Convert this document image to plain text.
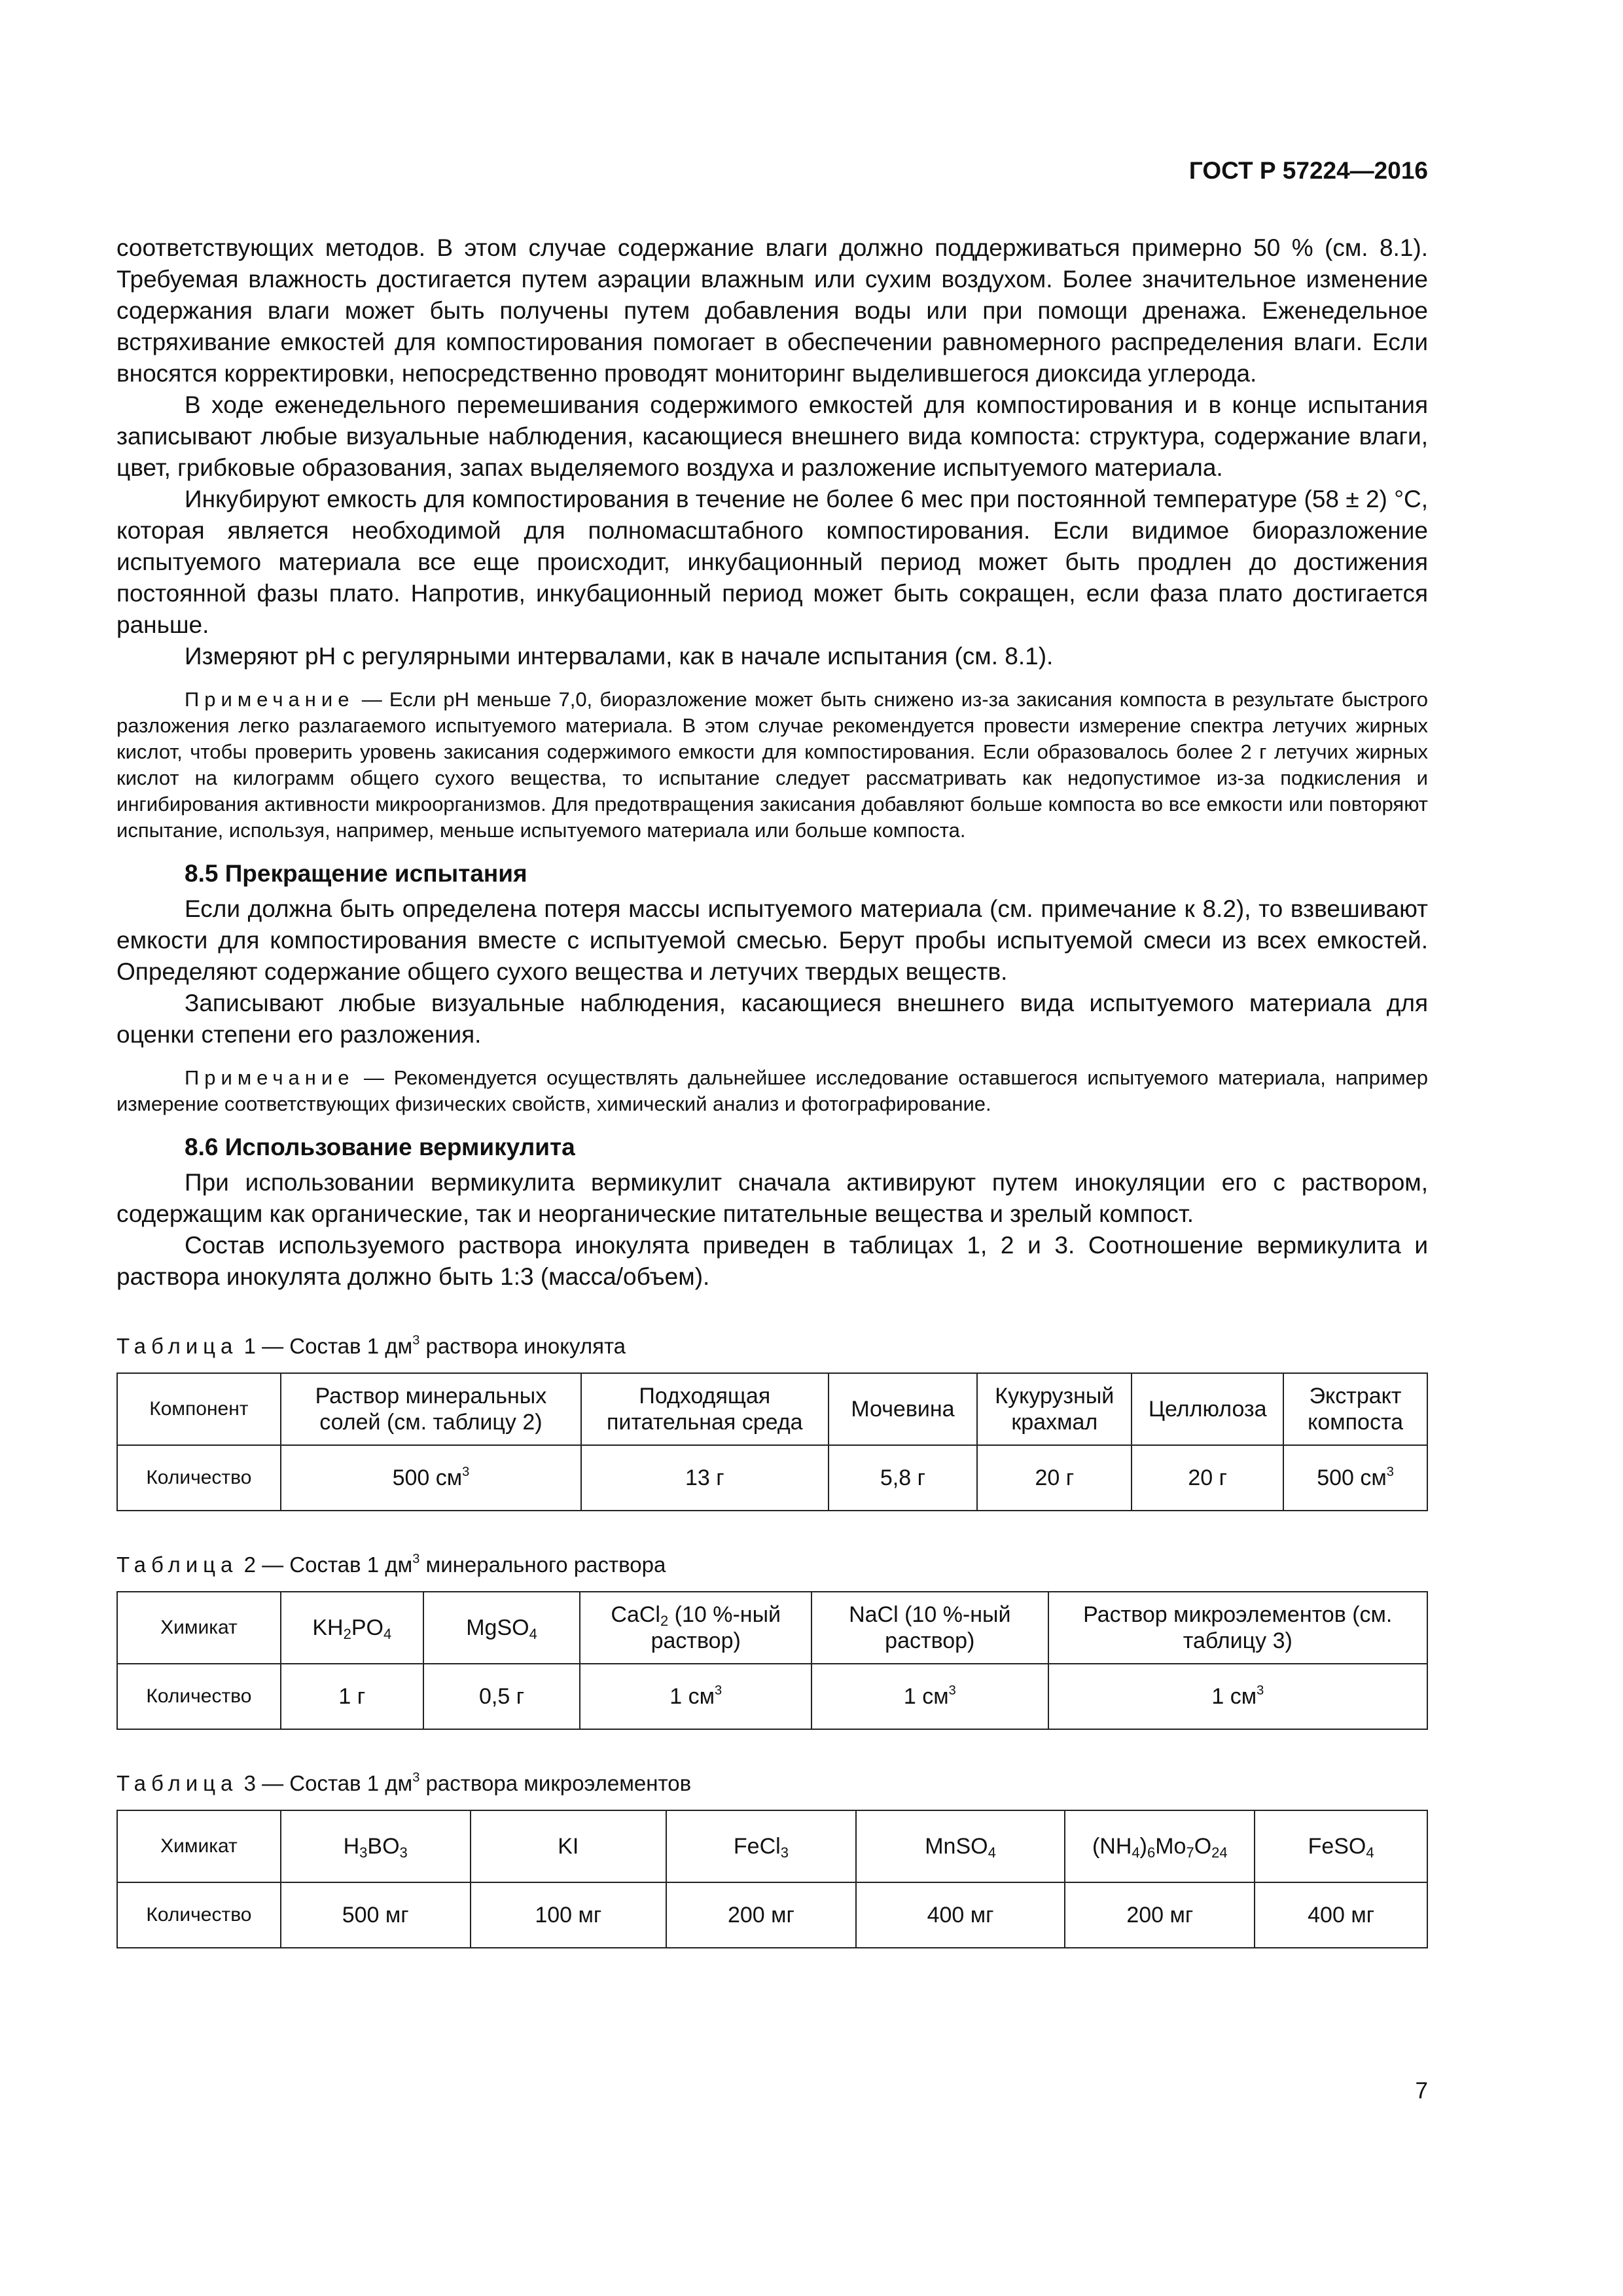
ГОСТ Р 57224—2016

соответствующих методов. В этом случае содержание влаги должно поддерживаться примерно 50 % (см. 8.1). Требуемая влажность достигается путем аэрации влажным или сухим воздухом. Более значительное изменение содержания влаги может быть получены путем добавления воды или при помощи дренажа. Еженедельное встряхивание емкостей для компостирования помогает в обеспечении равномерного распределения влаги. Если вносятся корректировки, непосредственно проводят мониторинг выделившегося диоксида углерода.

В ходе еженедельного перемешивания содержимого емкостей для компостирования и в конце испытания записывают любые визуальные наблюдения, касающиеся внешнего вида компоста: структура, содержание влаги, цвет, грибковые образования, запах выделяемого воздуха и разложение испытуемого материала.

Инкубируют емкость для компостирования в течение не более 6 мес при постоянной температуре (58 ± 2) °С, которая является необходимой для полномасштабного компостирования. Если видимое биоразложение испытуемого материала все еще происходит, инкубационный период может быть продлен до достижения постоянной фазы плато. Напротив, инкубационный период может быть сокращен, если фаза плато достигается раньше.

Измеряют pH с регулярными интервалами, как в начале испытания (см. 8.1).

Примечание — Если pH меньше 7,0, биоразложение может быть снижено из-за закисания компоста в результате быстрого разложения легко разлагаемого испытуемого материала. В этом случае рекомендуется провести измерение спектра летучих жирных кислот, чтобы проверить уровень закисания содержимого емкости для компостирования. Если образовалось более 2 г летучих жирных кислот на килограмм общего сухого вещества, то испытание следует рассматривать как недопустимое из-за подкисления и ингибирования активности микроорганизмов. Для предотвращения закисания добавляют больше компоста во все емкости или повторяют испытание, используя, например, меньше испытуемого материала или больше компоста.

8.5 Прекращение испытания

Если должна быть определена потеря массы испытуемого материала (см. примечание к 8.2), то взвешивают емкости для компостирования вместе с испытуемой смесью. Берут пробы испытуемой смеси из всех емкостей. Определяют содержание общего сухого вещества и летучих твердых веществ.

Записывают любые визуальные наблюдения, касающиеся внешнего вида испытуемого материала для оценки степени его разложения.

Примечание — Рекомендуется осуществлять дальнейшее исследование оставшегося испытуемого материала, например измерение соответствующих физических свойств, химический анализ и фотографирование.

8.6 Использование вермикулита

При использовании вермикулита вермикулит сначала активируют путем инокуляции его с раствором, содержащим как органические, так и неорганические питательные вещества и зрелый компост.

Состав используемого раствора инокулята приведен в таблицах 1, 2 и 3. Соотношение вермикулита и раствора инокулята должно быть 1:3 (масса/объем).

Таблица 1 — Состав 1 $дм^3$ раствора инокулята
Компонент	Раствор минеральных солей (см. таблицу 2)	Подходящая питательная среда	Мочевина	Кукурузный крахмал	Целлюлоза	Экстракт компоста
Количество	500 $см^3$	13 г	5,8 г	20 г	20 г	500 $см^3$
Таблица 2 — Состав 1 $дм^3$ минерального раствора
Химикат	$KH_2PO_4$	MgSO$_4$	CaCl$_2$ (10 %-ный раствор)	NaCl (10 %-ный раствор)	Раствор микроэлементов (см. таблицу 3)
Количество	1 г	0,5 г	1 $см^3$	1 $см^3$	1 $см^3$
Таблица 3 — Состав 1 $дм^3$ раствора микроэлементов
Химикат	$H_3BO_3$	KI	FeCl$_3$	MnSO$_4$	$(NH_4)_6Mo_7O_{24}$	FeSO$_4$
Количество	500 мг	100 мг	200 мг	400 мг	200 мг	400 мг
7
